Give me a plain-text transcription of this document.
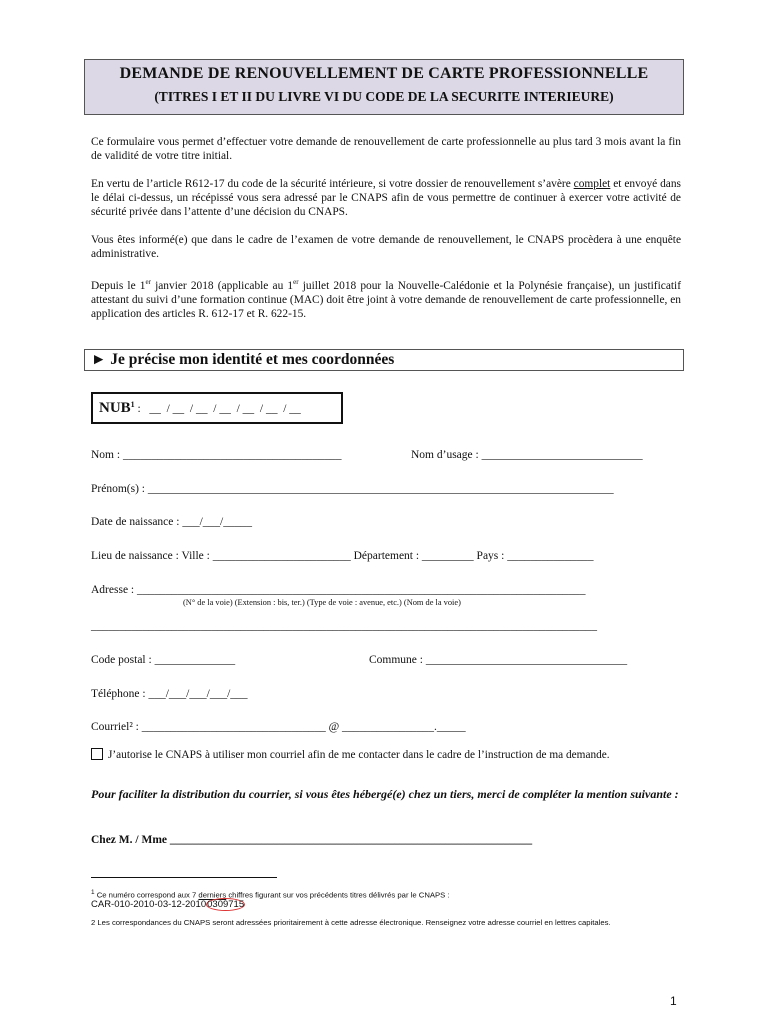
DEMANDE DE RENOUVELLEMENT DE CARTE PROFESSIONNELLE
(TITRES I ET II DU LIVRE VI DU CODE DE LA SECURITE INTERIEURE)
Ce formulaire vous permet d’effectuer votre demande de renouvellement de carte professionnelle au plus tard 3 mois avant la fin de validité de votre titre initial.
En vertu de l’article R612-17 du code de la sécurité intérieure, si votre dossier de renouvellement s’avère complet et envoyé dans le délai ci-dessus, un récépissé vous sera adressé par le CNAPS afin de vous permettre de continuer à exercer votre activité de sécurité privée dans l’attente d’une décision du CNAPS.
Vous êtes informé(e) que dans le cadre de l’examen de votre demande de renouvellement, le CNAPS procèdera à une enquête administrative.
Depuis le 1er janvier 2018 (applicable au 1er juillet 2018 pour la Nouvelle-Calédonie et la Polynésie française), un justificatif attestant du suivi d’une formation continue (MAC) doit être joint à votre demande de renouvellement de carte professionnelle, en application des articles R. 612-17 et R. 622-15.
► Je précise mon identité et mes coordonnées
NUB$^1$ :   __  / __  / __  / __  / __  / __  / __
Nom : ______________________________________	Nom d’usage : ____________________________
Prénom(s) : _________________________________________________________________________________
Date de naissance : ___/___/_____
Lieu de naissance : Ville : ________________________ Département : _________ Pays : _______________
Adresse : ______________________________________________________________________________
(N° de la voie) (Extension : bis, ter.) (Type de voie : avenue, etc.) (Nom de la voie)
________________________________________________________________________________________
Code postal : ______________	Commune : ___________________________________
Téléphone : ___/___/___/___/___
Courriel² : ________________________________ @ ________________._____
J’autorise le CNAPS à utiliser mon courriel afin de me contacter dans le cadre de l’instruction de ma demande.
Pour faciliter la distribution du courrier, si vous êtes hébergé(e) chez un tiers, merci de compléter la mention suivante :
Chez M. / Mme _______________________________________________________________
$^1$ Ce numéro correspond aux 7 derniers chiffres figurant sur vos précédents titres délivrés par le CNAPS :
CAR-010-2010-03-12-20100309715
2 Les correspondances du CNAPS seront adressées prioritairement à cette adresse électronique. Renseignez votre adresse courriel en lettres capitales.
1
